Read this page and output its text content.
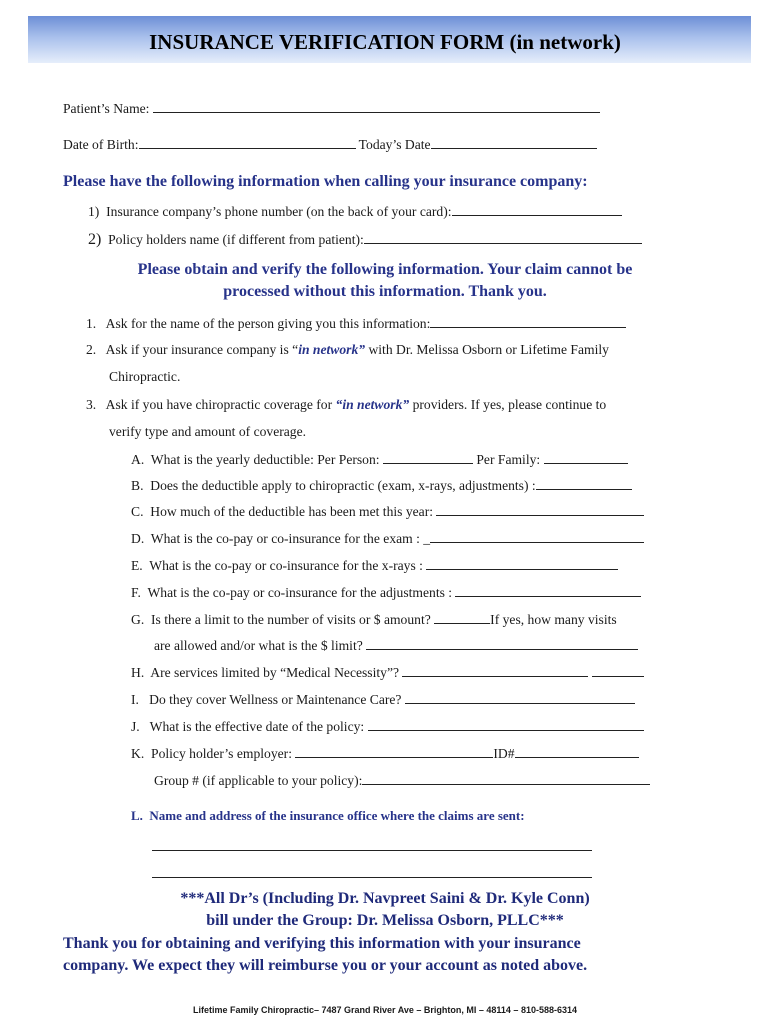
INSURANCE VERIFICATION FORM (in network)
Patient’s Name:
Date of Birth:	Today’s Date
Please have the following information when calling your insurance company:
1) Insurance company’s phone number (on the back of your card):
2) Policy holders name (if different from patient):
Please obtain and verify the following information. Your claim cannot be
processed without this information. Thank you.
1. Ask for the name of the person giving you this information:
2. Ask if your insurance company is “in network” with Dr. Melissa Osborn or Lifetime Family
Chiropractic.
3. Ask if you have chiropractic coverage for “in network” providers. If yes, please continue to
verify type and amount of coverage.
A. What is the yearly deductible: Per Person:	Per Family:
B. Does the deductible apply to chiropractic (exam, x-rays, adjustments) :
C. How much of the deductible has been met this year:
D. What is the co-pay or co-insurance for the exam : _
E. What is the co-pay or co-insurance for the x-rays :
F. What is the co-pay or co-insurance for the adjustments :
G. Is there a limit to the number of visits or $ amount?	If yes, how many visits
are allowed and/or what is the $ limit?
H. Are services limited by “Medical Necessity”?
I. Do they cover Wellness or Maintenance Care?
J. What is the effective date of the policy:
K. Policy holder’s employer:	ID#
Group # (if applicable to your policy):
L. Name and address of the insurance office where the claims are sent:
***All Dr’s (Including Dr. Navpreet Saini & Dr. Kyle Conn)
bill under the Group: Dr. Melissa Osborn, PLLC***
Thank you for obtaining and verifying this information with your insurance
company. We expect they will reimburse you or your account as noted above.
Lifetime Family Chiropractic– 7487 Grand River Ave – Brighton, MI – 48114 – 810-588-6314
